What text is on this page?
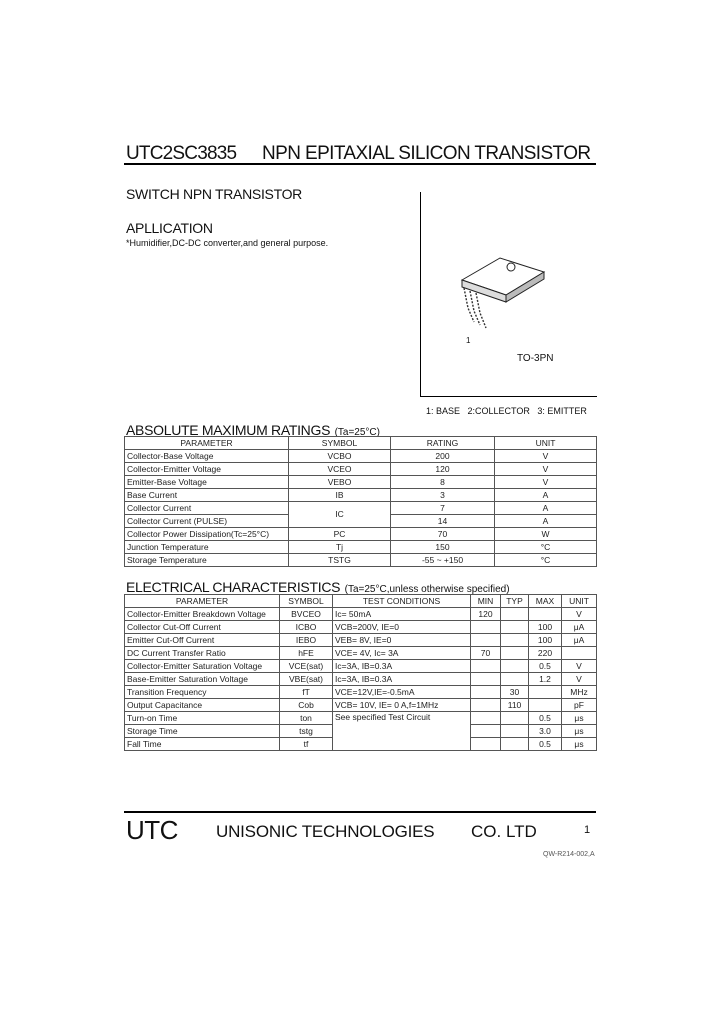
UTC2SC3835 NPN EPITAXIAL SILICON TRANSISTOR
SWITCH NPN TRANSISTOR
APLLICATION
*Humidifier,DC-DC converter,and general purpose.
1
TO-3PN
1: BASE   2:COLLECTOR   3: EMITTER
ABSOLUTE MAXIMUM RATINGS (Ta=25°C)
PARAMETER	SYMBOL	RATING	UNIT
Collector-Base Voltage	VCBO	200	V
Collector-Emitter Voltage	VCEO	120	V
Emitter-Base Voltage	VEBO	8	V
Base Current	IB	3	A
Collector Current	IC	7	A
Collector Current (PULSE)		14	A
Collector Power Dissipation(Tc=25°C)	PC	70	W
Junction Temperature	Tj	150	°C
Storage Temperature	TSTG	-55 ~ +150	°C
ELECTRICAL CHARACTERISTICS (Ta=25°C,unless otherwise specified)
PARAMETER	SYMBOL	TEST CONDITIONS	MIN	TYP	MAX	UNIT
Collector-Emitter Breakdown Voltage	BVCEO	Ic= 50mA	120			V
Collector Cut-Off Current	ICBO	VCB=200V, IE=0			100	μA
Emitter Cut-Off Current	IEBO	VEB= 8V, IE=0			100	μA
DC Current Transfer Ratio	hFE	VCE= 4V, Ic= 3A	70		220	
Collector-Emitter Saturation Voltage	VCE(sat)	Ic=3A, IB=0.3A			0.5	V
Base-Emitter Saturation Voltage	VBE(sat)	Ic=3A, IB=0.3A			1.2	V
Transition Frequency	fT	VCE=12V,IE=-0.5mA		30		MHz
Output Capacitance	Cob	VCB= 10V, IE= 0 A,f=1MHz		110		pF
Turn-on Time	ton	See specified Test Circuit			0.5	μs
Storage Time	tstg				3.0	μs
Fall Time	tf				0.5	μs
UTC UNISONIC TECHNOLOGIES CO. LTD	1
QW-R214-002,A
